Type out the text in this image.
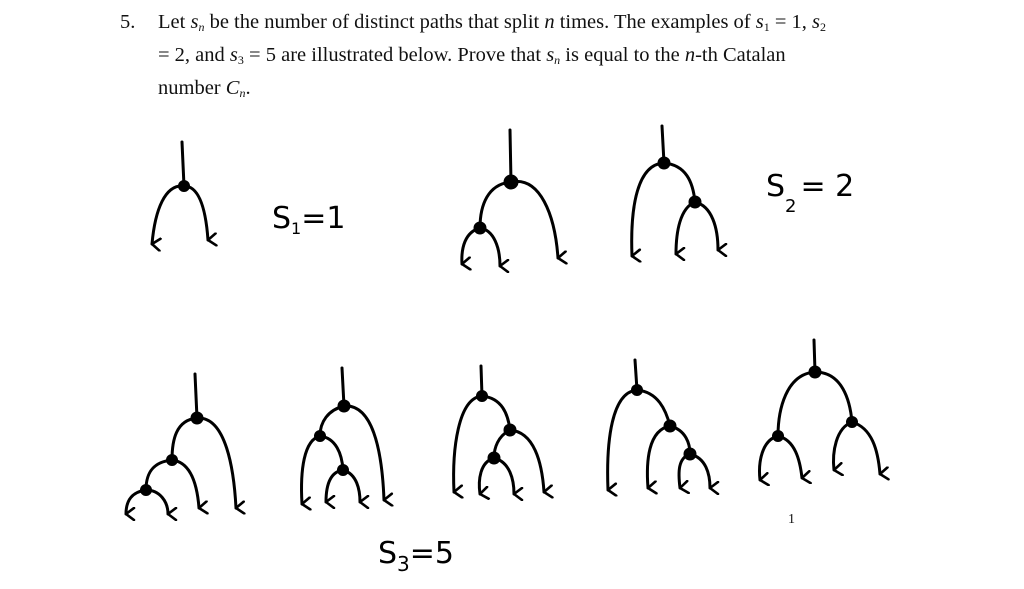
5. Let $s_n$ be the number of distinct paths that split n times. The examples of $s_1 = 1$, $s_2 = 2$, and $s_3 = 5$ are illustrated below. Prove that $s_n$ is equal to the n-th Catalan number $C_n$.
$S_1=1$
$S_2= 2$
$S_3=5$
1
